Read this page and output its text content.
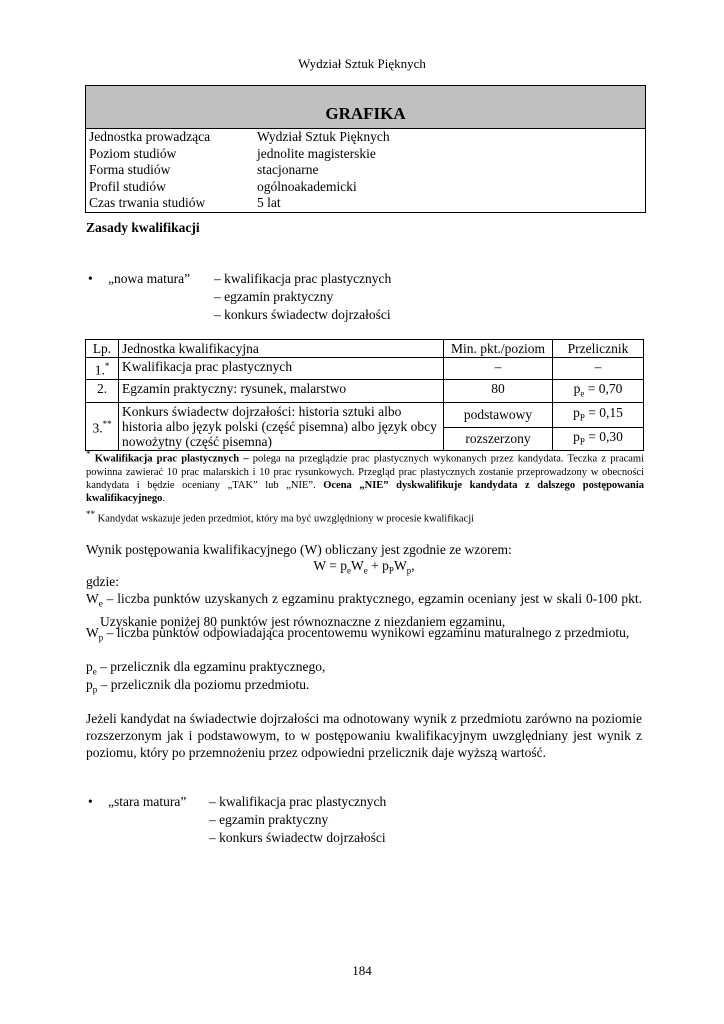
Wydział Sztuk Pięknych
GRAFIKA
Jednostka prowadząca	Wydział Sztuk Pięknych
Poziom studiów	jednolite magisterskie
Forma studiów	stacjonarne
Profil studiów	ogólnoakademicki
Czas trwania studiów	5 lat
Zasady kwalifikacji
• „nowa matura” – kwalifikacja prac plastycznych
– egzamin praktyczny
– konkurs świadectw dojrzałości
Lp.	Jednostka kwalifikacyjna	Min. pkt./poziom	Przelicznik
1.*	Kwalifikacja prac plastycznych	–	–
2.	Egzamin praktyczny: rysunek, malarstwo	80	$p_e = 0,70$
3.**	Konkurs świadectw dojrzałości: historia sztuki albo historia albo język polski (część pisemna) albo język obcy nowożytny (część pisemna)	podstawowy	$p_P = 0,15$
		rozszerzony	$p_P = 0,30$
* Kwalifikacja prac plastycznych – polega na przeglądzie prac plastycznych wykonanych przez kandydata. Teczka z pracami powinna zawierać 10 prac malarskich i 10 prac rysunkowych. Przegląd prac plastycznych zostanie przeprowadzony w obecności kandydata i będzie oceniany „TAK” lub „NIE”. Ocena „NIE” dyskwalifikuje kandydata z dalszego postępowania kwalifikacyjnego.
** Kandydat wskazuje jeden przedmiot, który ma być uwzględniony w procesie kwalifikacji
Wynik postępowania kwalifikacyjnego (W) obliczany jest zgodnie ze wzorem:
$W = p_eW_e + p_PW_p$,
gdzie:
$W_e$ – liczba punktów uzyskanych z egzaminu praktycznego, egzamin oceniany jest w skali 0-100 pkt. Uzyskanie poniżej 80 punktów jest równoznaczne z niezdaniem egzaminu,
$W_p$ – liczba punktów odpowiadająca procentowemu wynikowi egzaminu maturalnego z przedmiotu,
$p_e$ – przelicznik dla egzaminu praktycznego,
$p_p$ – przelicznik dla poziomu przedmiotu.
Jeżeli kandydat na świadectwie dojrzałości ma odnotowany wynik z przedmiotu zarówno na poziomie rozszerzonym jak i podstawowym, to w postępowaniu kwalifikacyjnym uwzględniany jest wynik z poziomu, który po przemnożeniu przez odpowiedni przelicznik daje wyższą wartość.
• „stara matura” – kwalifikacja prac plastycznych
– egzamin praktyczny
– konkurs świadectw dojrzałości
184
